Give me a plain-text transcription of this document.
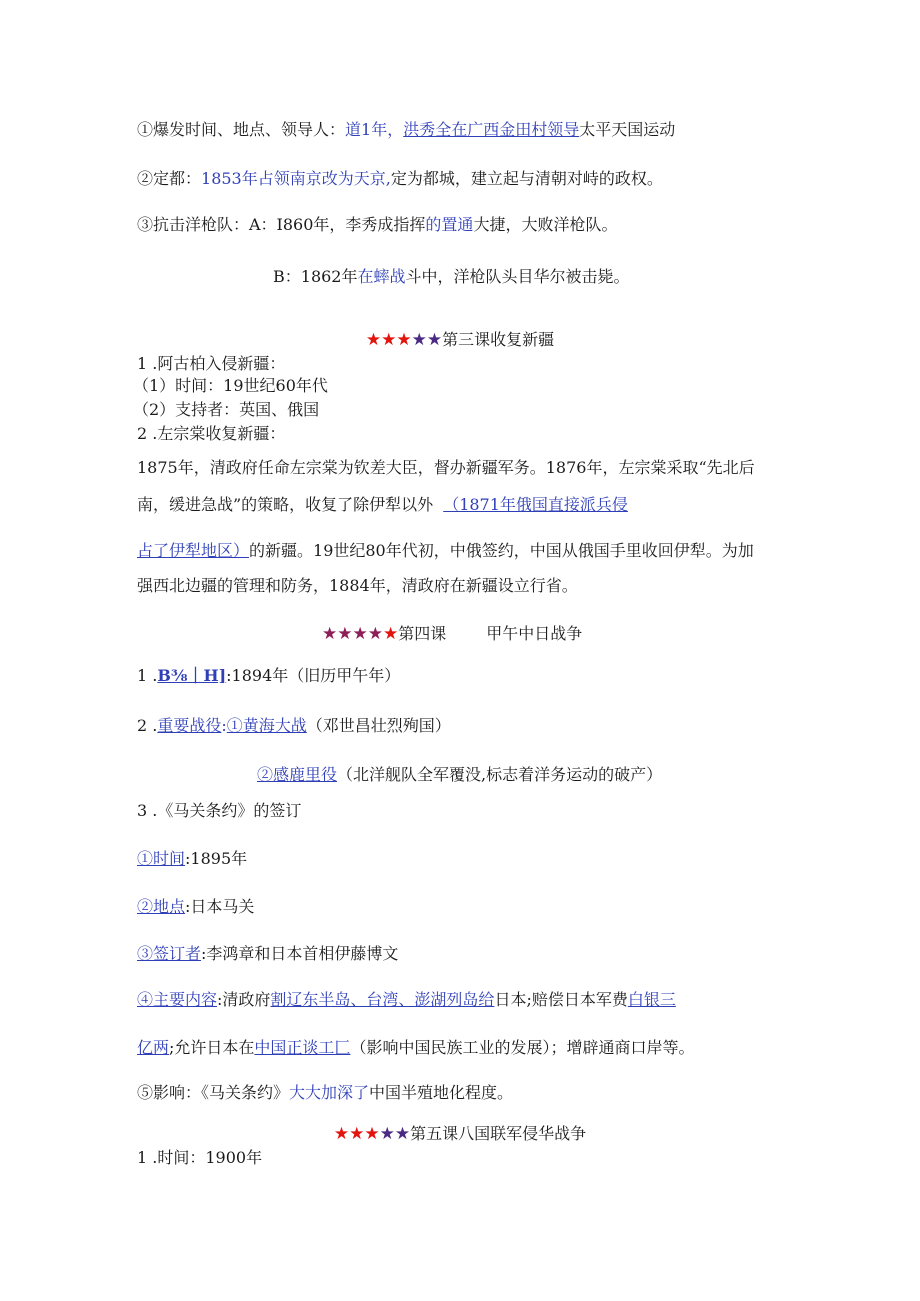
①爆发时间、地点、领导人：道1年，洪秀全在广西金田村领导太平天国运动
②定都：1853年占领南京改为天京,定为都城，建立起与清朝对峙的政权。
③抗击洋枪队：A：I860年，李秀成指挥的置通大捷，大败洋枪队。
B：1862年在蟀战斗中，洋枪队头目华尔被击毙。
★★★★★第三课收复新疆
1 .阿古柏入侵新疆：
（1）时间：19世纪60年代
（2）支持者：英国、俄国
2 .左宗棠收复新疆：
1875年，清政府任命左宗棠为钦差大臣，督办新疆军务。1876年，左宗棠采取“先北后
南，缓进急战”的策略，收复了除伊犁以外 （1871年俄国直接派兵侵
占了伊犁地区）的新疆。19世纪80年代初，中俄签约，中国从俄国手里收回伊犁。为加
强西北边疆的管理和防务，1884年，清政府在新疆设立行省。
★★★★★第四课	甲午中日战争
1 .B⅜｜H]:1894年（旧历甲午年）
2 .重要战役:①黄海大战（邓世昌壮烈殉国）
②感鹿里役（北洋舰队全军覆没,标志着洋务运动的破产）
3 .《马关条约》的签订
①时间:1895年
②地点:日本马关
③签订者:李鸿章和日本首相伊藤博文
④主要内容:清政府割辽东半岛、台湾、澎湖列岛给日本;赔偿日本军费白银三
亿两;允许日本在中国正谈工匚（影响中国民族工业的发展）；增辟通商口岸等。
⑤影响：《马关条约》大大加深了中国半殖地化程度。
★★★★★第五课八国联军侵华战争
1 .时间：1900年
